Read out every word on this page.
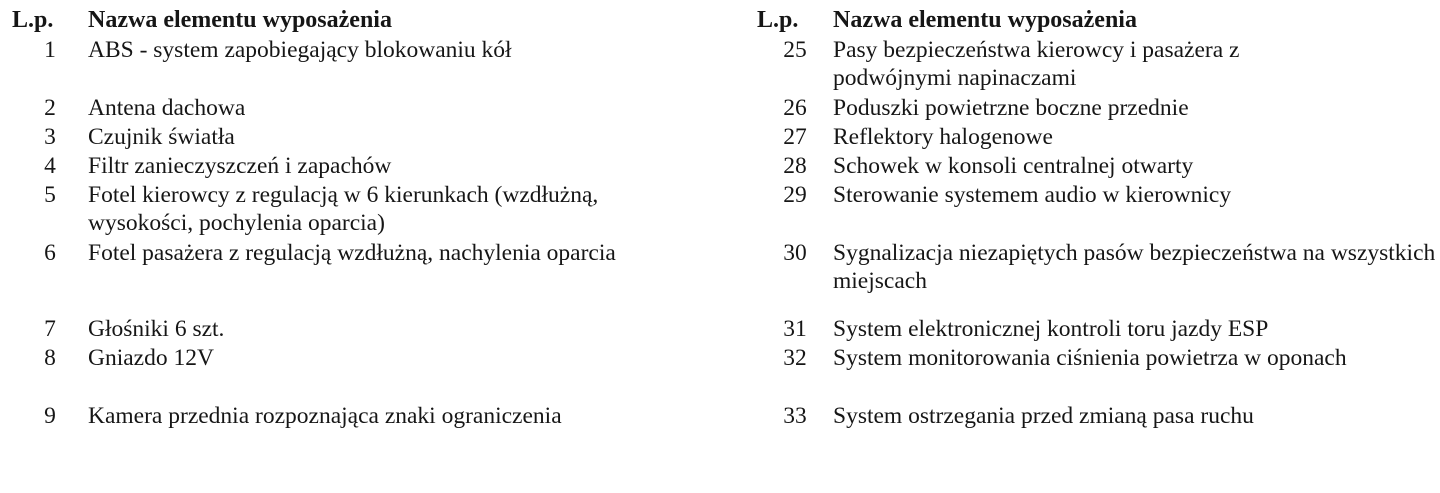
L.p.	Nazwa elementu wyposażenia
1	ABS - system zapobiegający blokowaniu kół
2	Antena dachowa
3	Czujnik światła
4	Filtr zanieczyszczeń i zapachów
5	Fotel kierowcy z regulacją w 6 kierunkach (wzdłużną, wysokości, pochylenia oparcia)
6	Fotel pasażera z regulacją wzdłużną, nachylenia oparcia
7	Głośniki 6 szt.
8	Gniazdo 12V
9	Kamera przednia rozpoznająca znaki ograniczenia
L.p.	Nazwa elementu wyposażenia
25	Pasy bezpieczeństwa kierowcy i pasażera z podwójnymi napinaczami
26	Poduszki powietrzne boczne przednie
27	Reflektory halogenowe
28	Schowek w konsoli centralnej otwarty
29	Sterowanie systemem audio w kierownicy
30	Sygnalizacja niezapiętych pasów bezpieczeństwa na wszystkich miejscach
31	System elektronicznej kontroli toru jazdy ESP
32	System monitorowania ciśnienia powietrza w oponach
33	System ostrzegania przed zmianą pasa ruchu
